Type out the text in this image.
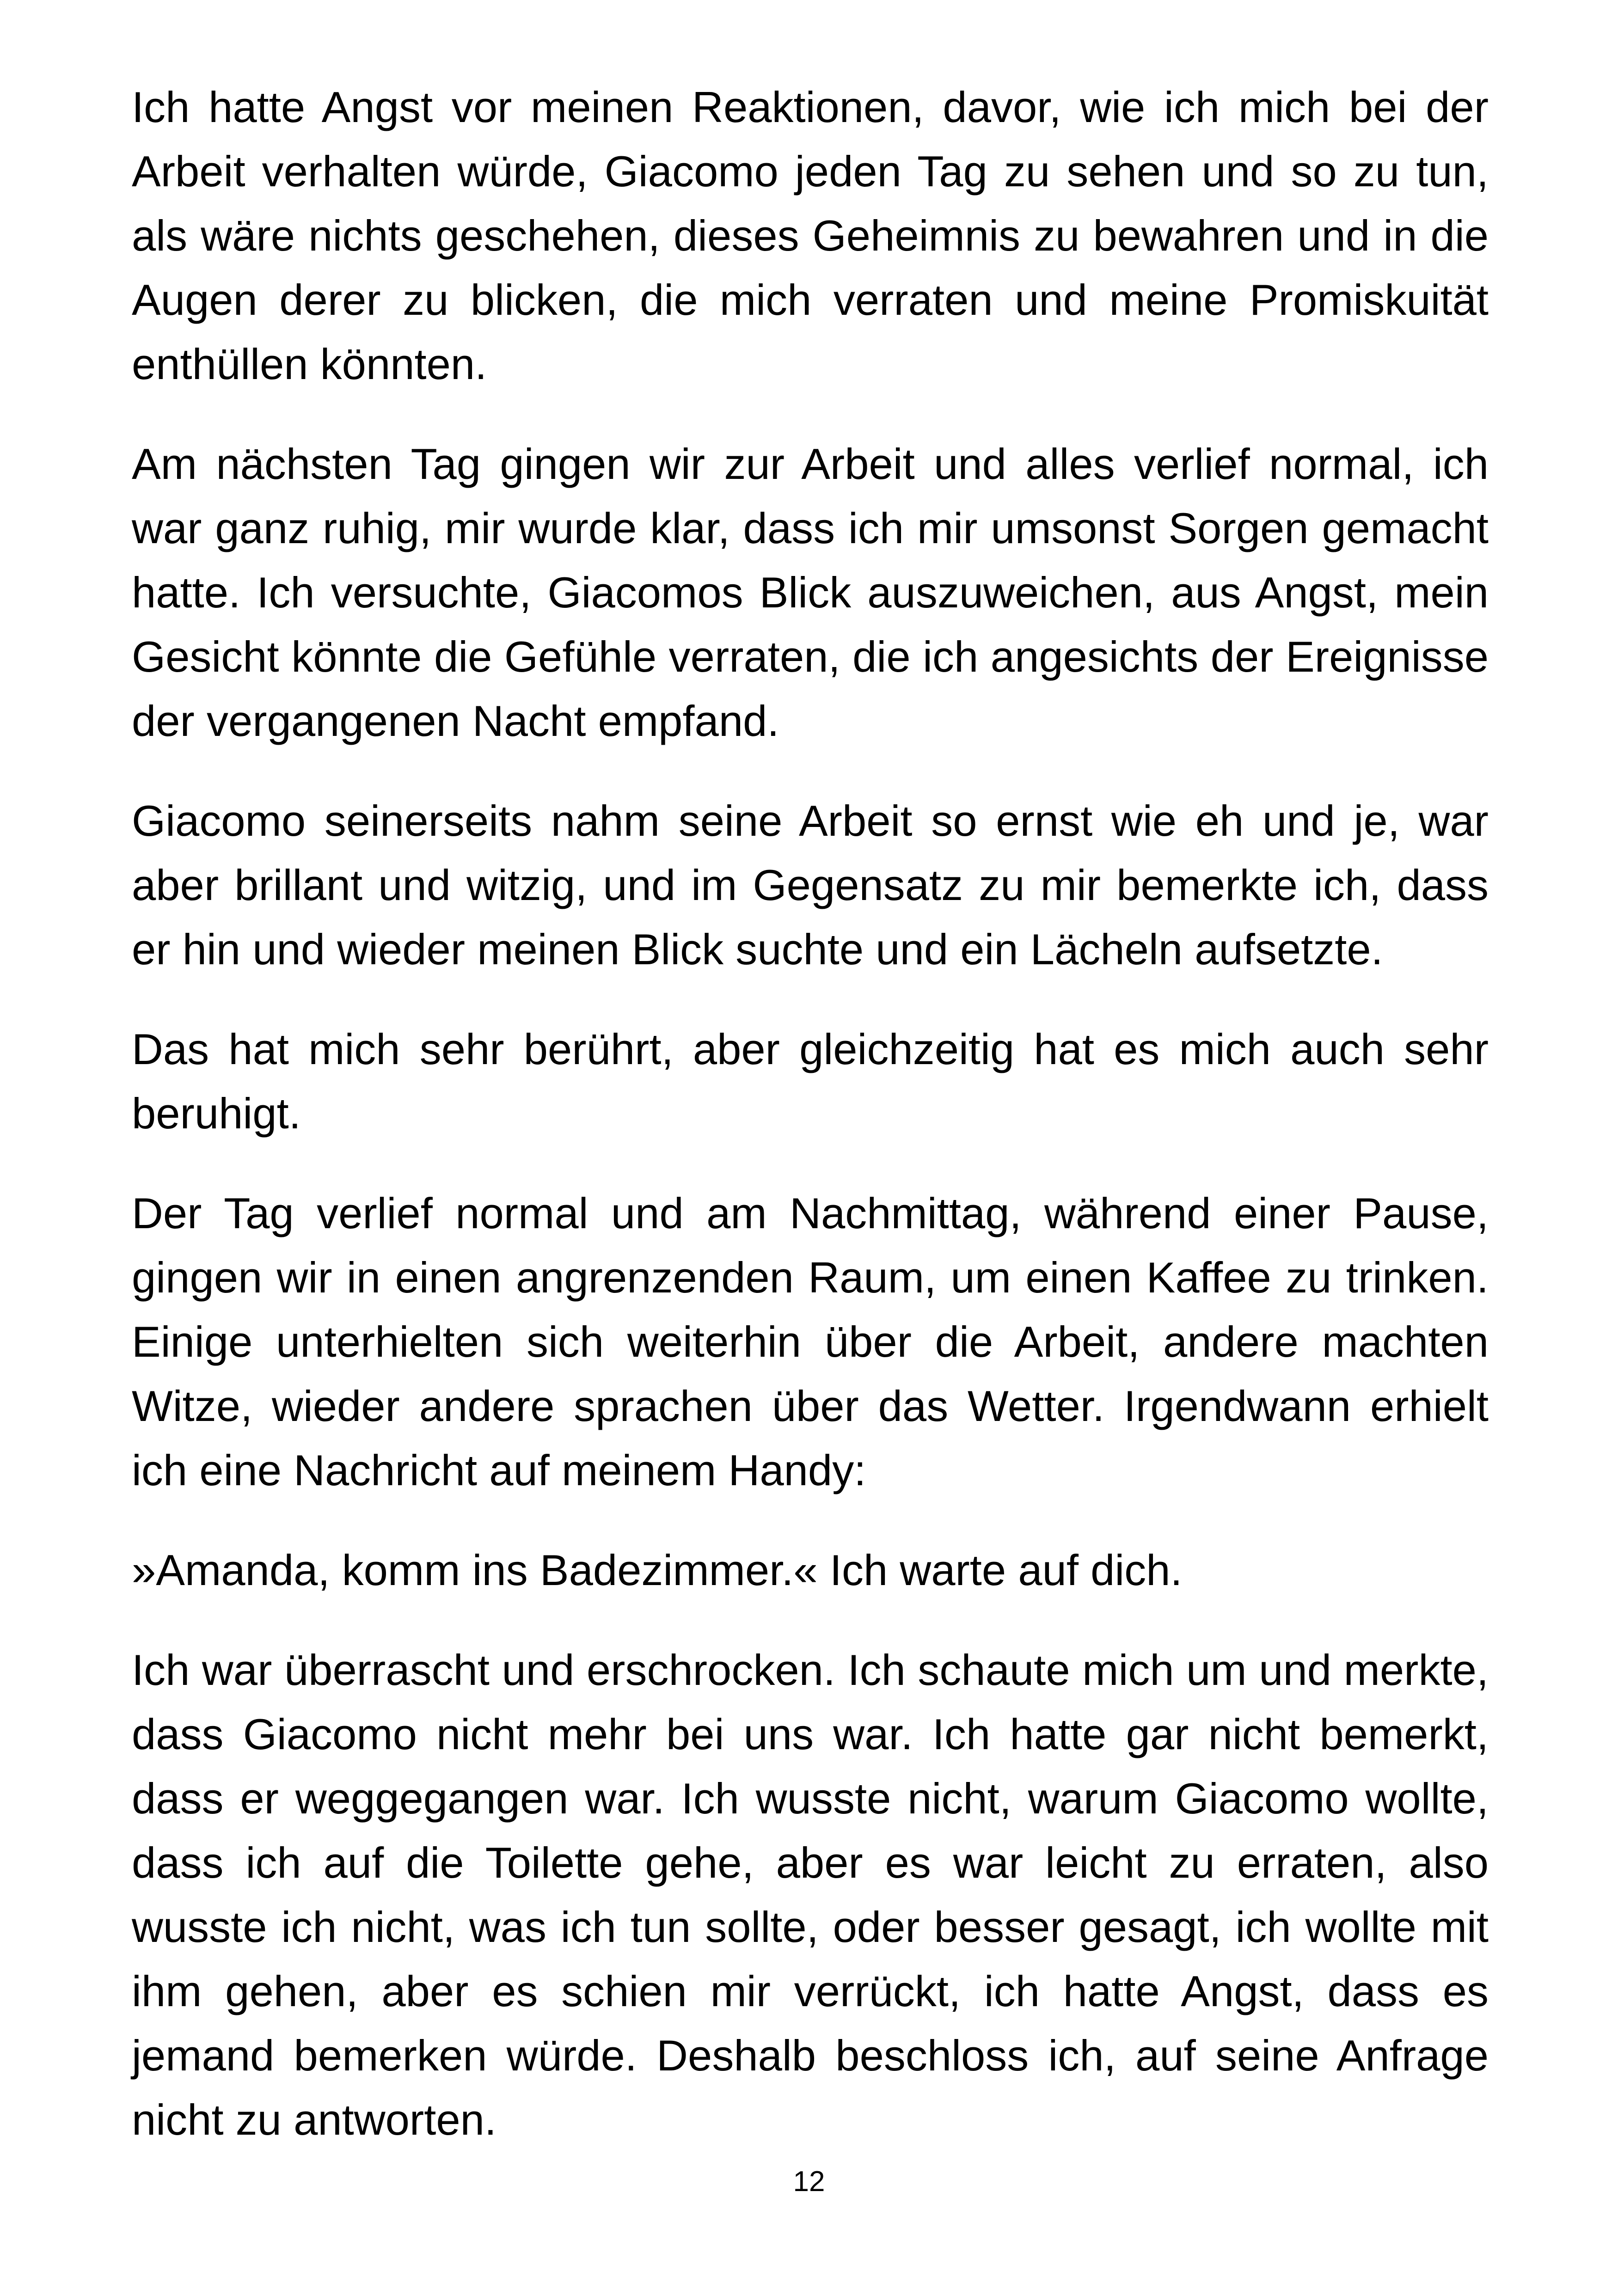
Ich hatte Angst vor meinen Reaktionen, davor, wie ich mich bei der Arbeit verhalten würde, Giacomo jeden Tag zu sehen und so zu tun, als wäre nichts geschehen, dieses Geheimnis zu bewahren und in die Augen derer zu blicken, die mich verraten und meine Promiskuität enthüllen könnten.

Am nächsten Tag gingen wir zur Arbeit und alles verlief normal, ich war ganz ruhig, mir wurde klar, dass ich mir umsonst Sorgen gemacht hatte. Ich versuchte, Giacomos Blick auszuweichen, aus Angst, mein Gesicht könnte die Gefühle verraten, die ich angesichts der Ereignisse der vergangenen Nacht empfand.

Giacomo seinerseits nahm seine Arbeit so ernst wie eh und je, war aber brillant und witzig, und im Gegensatz zu mir bemerkte ich, dass er hin und wieder meinen Blick suchte und ein Lächeln aufsetzte.

Das hat mich sehr berührt, aber gleichzeitig hat es mich auch sehr beruhigt.

Der Tag verlief normal und am Nachmittag, während einer Pause, gingen wir in einen angrenzenden Raum, um einen Kaffee zu trinken. Einige unterhielten sich weiterhin über die Arbeit, andere machten Witze, wieder andere sprachen über das Wetter. Irgendwann erhielt ich eine Nachricht auf meinem Handy:

»Amanda, komm ins Badezimmer.« Ich warte auf dich.

Ich war überrascht und erschrocken. Ich schaute mich um und merkte, dass Giacomo nicht mehr bei uns war. Ich hatte gar nicht bemerkt, dass er weggegangen war. Ich wusste nicht, warum Giacomo wollte, dass ich auf die Toilette gehe, aber es war leicht zu erraten, also wusste ich nicht, was ich tun sollte, oder besser gesagt, ich wollte mit ihm gehen, aber es schien mir verrückt, ich hatte Angst, dass es jemand bemerken würde. Deshalb beschloss ich, auf seine Anfrage nicht zu antworten.

12
